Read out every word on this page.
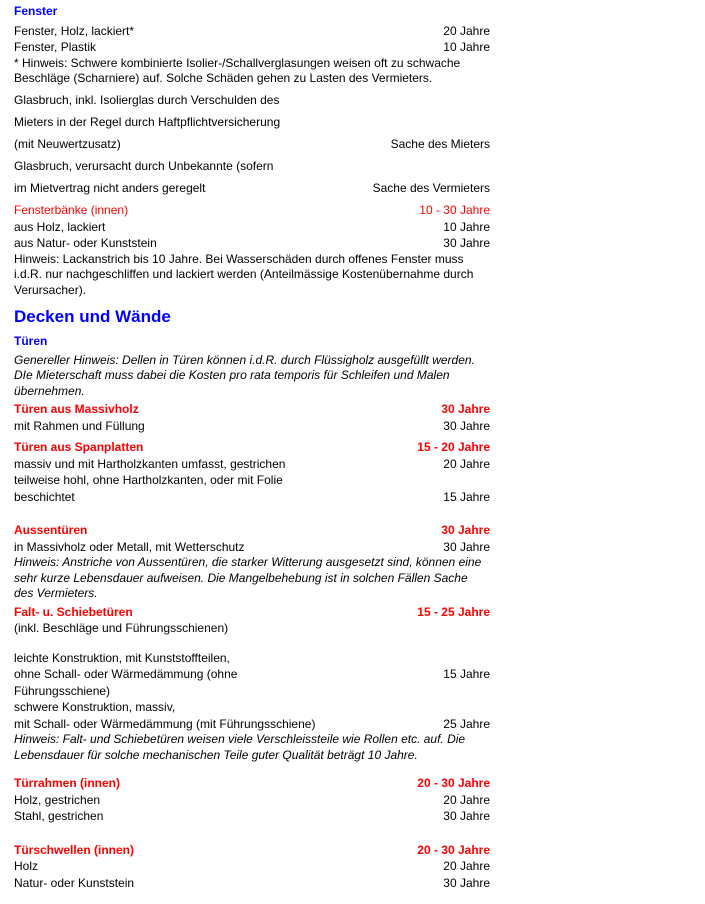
Fenster
Fenster, Holz, lackiert*	20 Jahre
Fenster, Plastik	10 Jahre

* Hinweis: Schwere kombinierte Isolier-/Schallverglasungen weisen oft zu schwache Beschläge (Scharniere) auf. Solche Schäden gehen zu Lasten des Vermieters.

Glasbruch, inkl. Isolierglas durch Verschulden des
Mieters in der Regel durch Haftpflichtversicherung
(mit Neuwertzusatz)	Sache des Mieters
Glasbruch, verursacht durch Unbekannte (sofern
im Mietvertrag nicht anders geregelt	Sache des Vermieters
Fensterbänke (innen)	10 - 30 Jahre
aus Holz, lackiert	10 Jahre
aus Natur- oder Kunststein	30 Jahre

Hinweis: Lackanstrich bis 10 Jahre. Bei Wasserschäden durch offenes Fenster muss i.d.R. nur nachgeschliffen und lackiert werden (Anteilmässige Kostenübernahme durch Verursacher).

Decken und Wände
Türen

Genereller Hinweis: Dellen in Türen können i.d.R. durch Flüssigholz ausgefüllt werden. DIe Mieterschaft muss dabei die Kosten pro rata temporis für Schleifen und Malen übernehmen.

Türen aus Massivholz	30 Jahre
mit Rahmen und Füllung	30 Jahre
Türen aus Spanplatten	15 - 20 Jahre
massiv und mit Hartholzkanten umfasst, gestrichen	20 Jahre
teilweise hohl, ohne Hartholzkanten, oder mit Folie
beschichtet	15 Jahre
Aussentüren	30 Jahre
in Massivholz oder Metall, mit Wetterschutz	30 Jahre

Hinweis: Anstriche von Aussentüren, die starker Witterung ausgesetzt sind, können eine sehr kurze Lebensdauer aufweisen. Die Mangelbehebung ist in solchen Fällen Sache des Vermieters.

Falt- u. Schiebetüren	15 - 25 Jahre
(inkl. Beschläge und Führungsschienen)
leichte Konstruktion, mit Kunststoffteilen,
ohne Schall- oder Wärmedämmung (ohne	15 Jahre
Führungsschiene)
schwere Konstruktion, massiv,
mit Schall- oder Wärmedämmung (mit Führungsschiene)	25 Jahre

Hinweis: Falt- und Schiebetüren weisen viele Verschleissteile wie Rollen etc. auf. Die Lebensdauer für solche mechanischen Teile guter Qualität beträgt 10 Jahre.

Türrahmen (innen)	20 - 30 Jahre
Holz, gestrichen	20 Jahre
Stahl, gestrichen	30 Jahre
Türschwellen (innen)	20 - 30 Jahre
Holz	20 Jahre
Natur- oder Kunststein	30 Jahre
